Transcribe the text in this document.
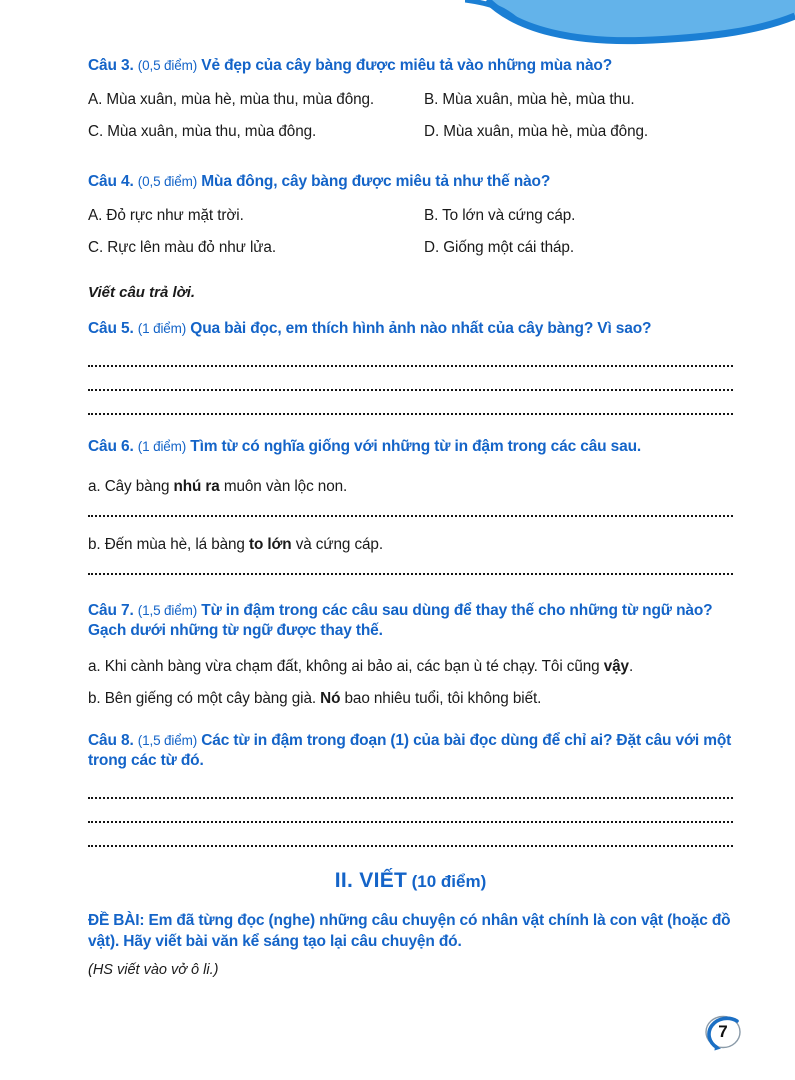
Câu 3. (0,5 điểm) Vẻ đẹp của cây bàng được miêu tả vào những mùa nào?

A. Mùa xuân, mùa hè, mùa thu, mùa đông.	B. Mùa xuân, mùa hè, mùa thu.

C. Mùa xuân, mùa thu, mùa đông.	D. Mùa xuân, mùa hè, mùa đông.

Câu 4. (0,5 điểm) Mùa đông, cây bàng được miêu tả như thế nào?

A. Đỏ rực như mặt trời.	B. To lớn và cứng cáp.

C. Rực lên màu đỏ như lửa.	D. Giống một cái tháp.

Viết câu trả lời.

Câu 5. (1 điểm) Qua bài đọc, em thích hình ảnh nào nhất của cây bàng? Vì sao?

Câu 6. (1 điểm) Tìm từ có nghĩa giống với những từ in đậm trong các câu sau.

a. Cây bàng nhú ra muôn vàn lộc non.

b. Đến mùa hè, lá bàng to lớn và cứng cáp.

Câu 7. (1,5 điểm) Từ in đậm trong các câu sau dùng để thay thế cho những từ ngữ nào? Gạch dưới những từ ngữ được thay thế.

a. Khi cành bàng vừa chạm đất, không ai bảo ai, các bạn ù té chạy. Tôi cũng vậy.

b. Bên giếng có một cây bàng già. Nó bao nhiêu tuổi, tôi không biết.

Câu 8. (1,5 điểm) Các từ in đậm trong đoạn (1) của bài đọc dùng để chỉ ai? Đặt câu với một trong các từ đó.

II. VIẾT (10 điểm)

ĐỀ BÀI: Em đã từng đọc (nghe) những câu chuyện có nhân vật chính là con vật (hoặc đồ vật). Hãy viết bài văn kể sáng tạo lại câu chuyện đó.

(HS viết vào vở ô li.)

7
